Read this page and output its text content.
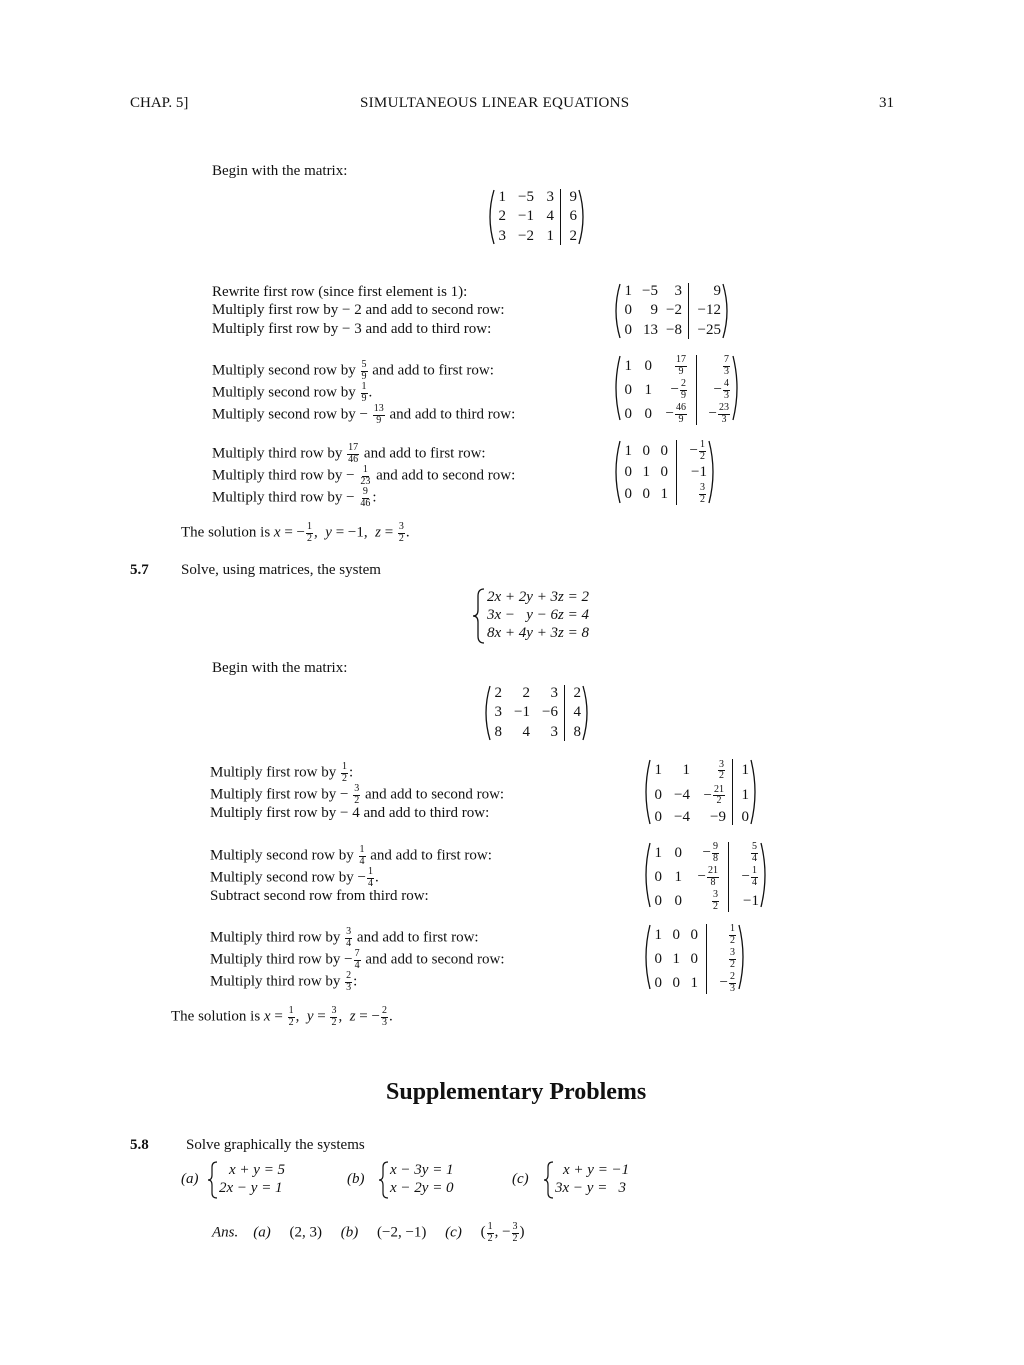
CHAP. 5]	SIMULTANEOUS LINEAR EQUATIONS	31
Begin with the matrix:
1 −5 3 9
2 −1 4 6
3 −2 1 2
Rewrite first row (since first element is 1):
Multiply first row by − 2 and add to second row:
Multiply first row by − 3 and add to third row:
1 −5	3	9
0	9 −2 −12
0 13 −8 −25
Multiply second row by $\frac{5}{9}$ and add to first row:
Multiply second row by $\frac{1}{9}$ .
Multiply second row by − $\frac{13}{9}$ and add to third row:
1 $0 \frac{17}{9}$	$\frac{7}{3}$
0 1	− $\frac{2}{9}$	− $\frac{4}{3}$
0 $0 - \frac{46}{9} - \frac{23}{3}$
Multiply third row by $\frac{17}{46}$ and add to first row:
Multiply third row by − $\frac{1}{23}$ and add to second row:
Multiply third row by − $\frac{9}{46}$ :
1 0 0	− $\frac{1}{2}$
0 1 0	−1
0 0 1	$\frac{3}{2}$
The solution is x = − $\frac{1}{2}$ ,  y = −1,  $z = \frac{3}{2}$ .
5.7 Solve, using matrices, the system
2x + 2y + 3z = 2
3x −   y − 6z = 4
8x + 4y + 3z = 8
Begin with the matrix:
2	2	3 2
3 −1 −6 4
8	4	3 8
Multiply first row by $\frac{1}{2}$ :
Multiply first row by − $\frac{3}{2}$ and add to second row:
Multiply first row by − 4 and add to third row:
1	1	$\frac{3}{2} 1$
$0 -4 - \frac{21}{2} 1$
0 −4	−9 0
Multiply second row by $\frac{1}{4}$ and add to first row:
Multiply second row by − $\frac{1}{4}$ .
Subtract second row from third row:
1 0	− $\frac{9}{8}$	$\frac{5}{4}$
0 1	− $\frac{21}{8}$	− $\frac{1}{4}$
0 0	$\frac{3}{2}$	−1
Multiply third row by $\frac{3}{4}$ and add to first row:
Multiply third row by − $\frac{7}{4}$ and add to second row:
Multiply third row by $\frac{2}{3}$ :
1 0 0	$\frac{1}{2}$
0 1 0	$\frac{3}{2}$
0 0 1	− $\frac{2}{3}$
The solution is $x = \frac{1}{2}$ ,  $y = \frac{3}{2}$ ,  z = − $\frac{2}{3}$ .
Supplementary Problems
5.8 Solve graphically the systems
(a)
x + y = 5
2x − y = 1
(b)
x − 3y = 1
x − 2y = 0
(c)
x + y = −1
3x − y =   3
Ans. (a) (2, 3) (b) (−2, −1) (c) ( $\frac{1}{2}$ , − $\frac{3}{2}$ )
